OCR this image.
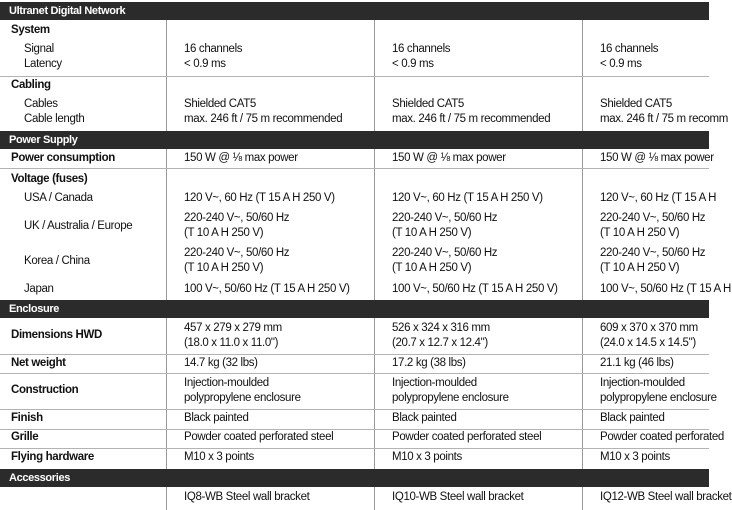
Ultranet Digital Network
Power Supply
Enclosure
Accessories
System
Signal
Latency
Cabling
Cables
Cable length
Power consumption
Voltage (fuses)
USA / Canada
UK / Australia / Europe
Korea / China
Japan
Dimensions HWD
Net weight
Construction
Finish
Grille
Flying hardware
16 channels
< 0.9 ms
Shielded CAT5
max. 246 ft / 75 m recommended
150 W @ ⅛ max power
120 V~, 60 Hz (T 15 A H 250 V)
220-240 V~, 50/60 Hz
(T 10 A H 250 V)
220-240 V~, 50/60 Hz
(T 10 A H 250 V)
100 V~, 50/60 Hz (T 15 A H 250 V)
457 x 279 x 279 mm
(18.0 x 11.0 x 11.0")
14.7 kg (32 lbs)
Injection-moulded
polypropylene enclosure
Black painted
Powder coated perforated steel
M10 x 3 points
IQ8-WB Steel wall bracket
16 channels
< 0.9 ms
Shielded CAT5
max. 246 ft / 75 m recommended
150 W @ ⅛ max power
120 V~, 60 Hz (T 15 A H 250 V)
220-240 V~, 50/60 Hz
(T 10 A H 250 V)
220-240 V~, 50/60 Hz
(T 10 A H 250 V)
100 V~, 50/60 Hz (T 15 A H 250 V)
526 x 324 x 316 mm
(20.7 x 12.7 x 12.4")
17.2 kg (38 lbs)
Injection-moulded
polypropylene enclosure
Black painted
Powder coated perforated steel
M10 x 3 points
IQ10-WB Steel wall bracket
16 channels
< 0.9 ms
Shielded CAT5
max. 246 ft / 75 m recomm
150 W @ ⅛ max power
120 V~, 60 Hz (T 15 A H
220-240 V~, 50/60 Hz
(T 10 A H 250 V)
220-240 V~, 50/60 Hz
(T 10 A H 250 V)
100 V~, 50/60 Hz (T 15 A H
609 x 370 x 370 mm
(24.0 x 14.5 x 14.5")
21.1 kg (46 lbs)
Injection-moulded
polypropylene enclosure
Black painted
Powder coated perforated
M10 x 3 points
IQ12-WB Steel wall bracket
